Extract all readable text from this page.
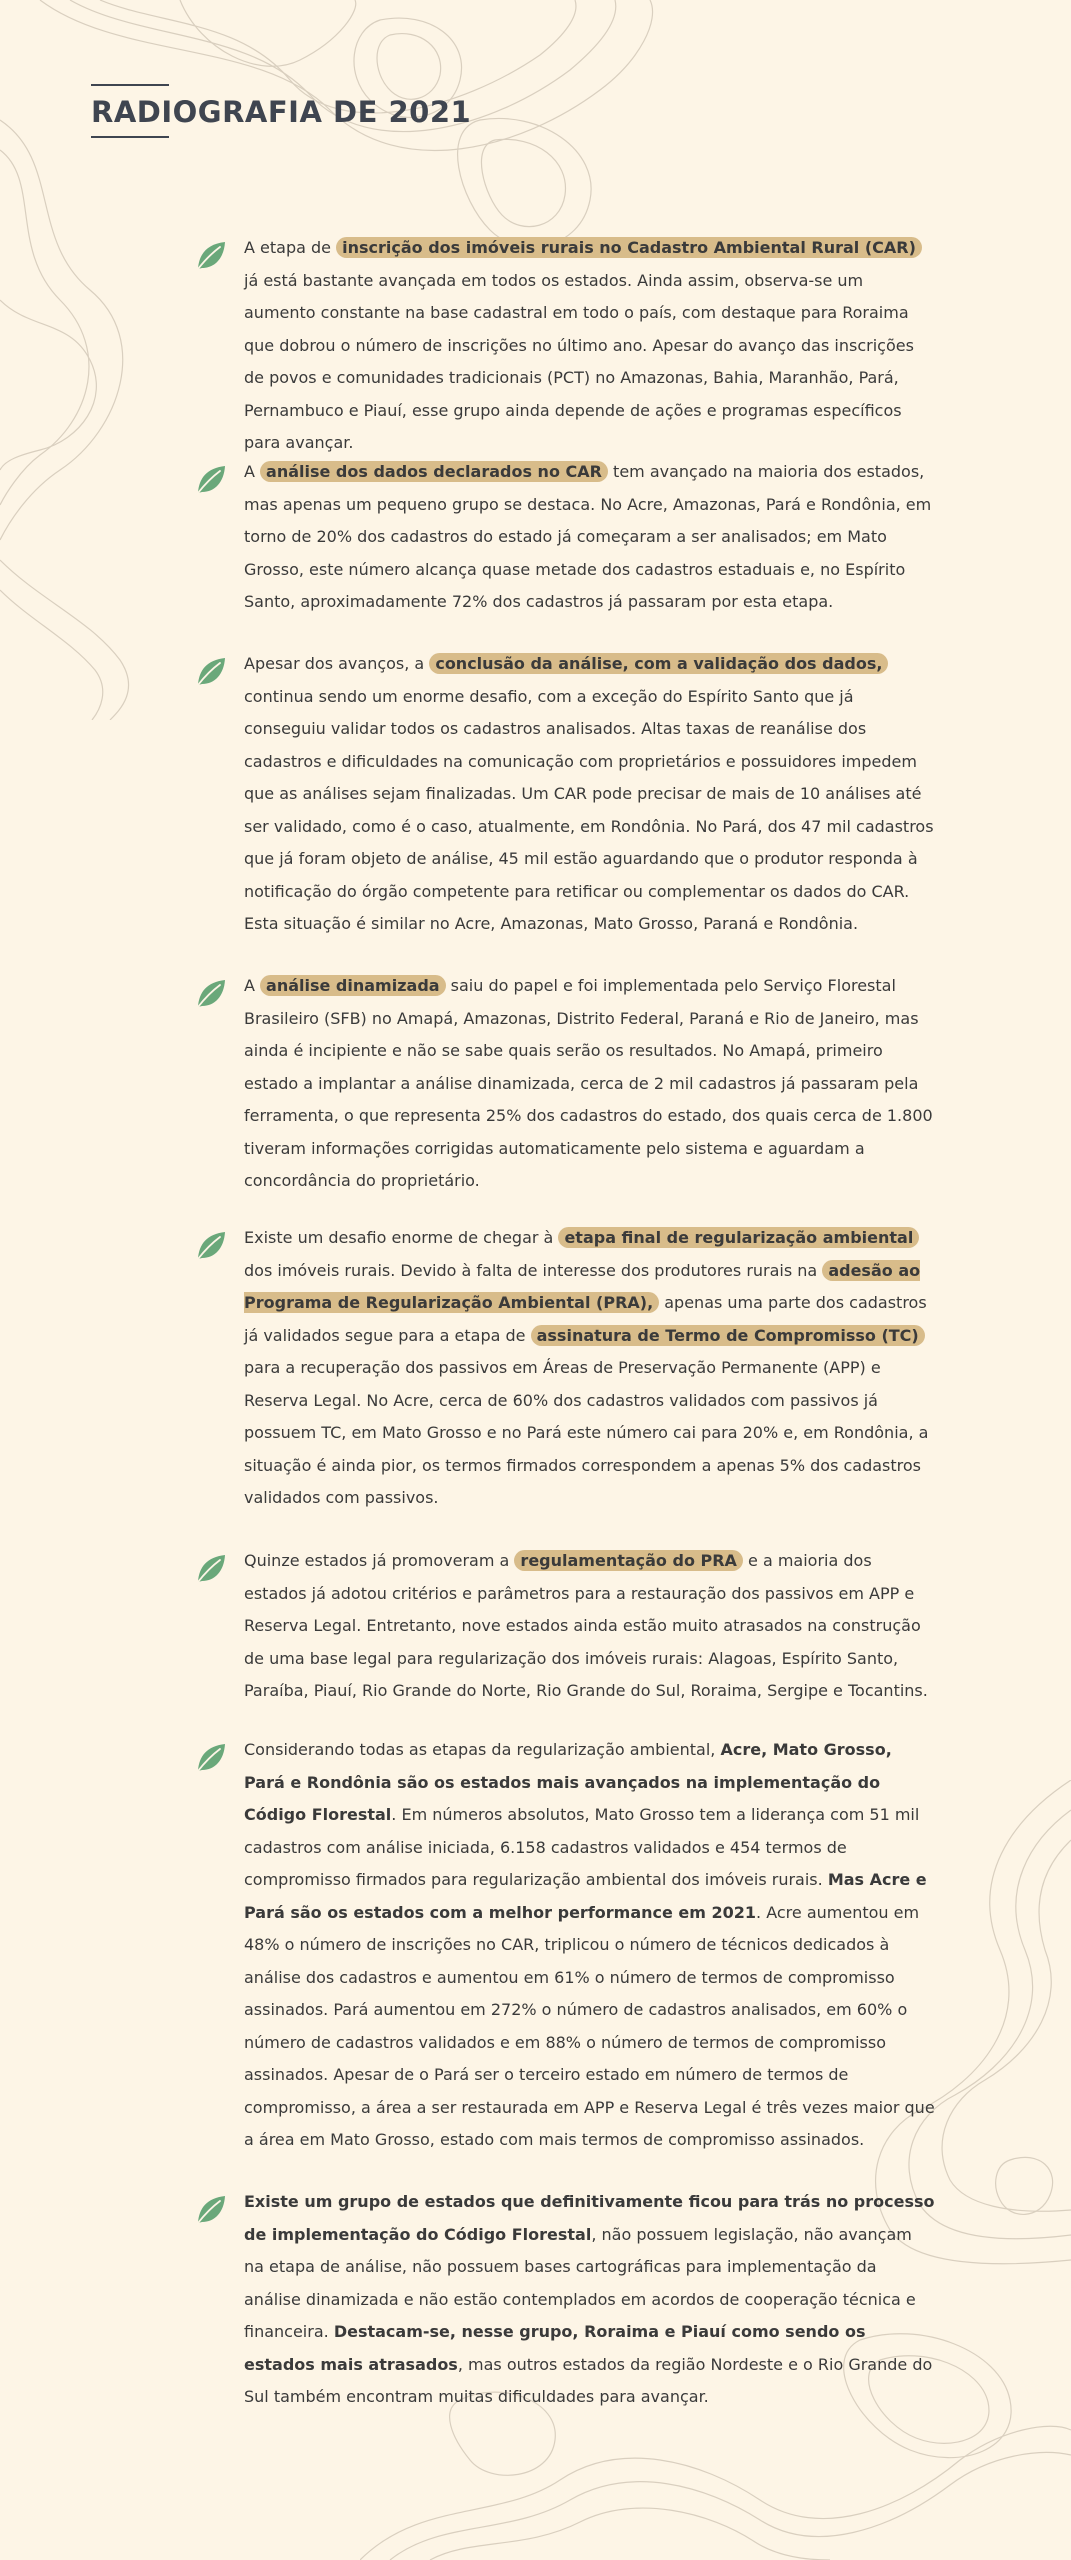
RADIOGRAFIA DE 2021
A etapa de inscrição dos imóveis rurais no Cadastro Ambiental Rural (CAR) já está bastante avançada em todos os estados. Ainda assim, observa-se um aumento constante na base cadastral em todo o país, com destaque para Roraima que dobrou o número de inscrições no último ano. Apesar do avanço das inscrições de povos e comunidades tradicionais (PCT) no Amazonas, Bahia, Maranhão, Pará, Pernambuco e Piauí, esse grupo ainda depende de ações e programas específicos para avançar.
A análise dos dados declarados no CAR tem avançado na maioria dos estados, mas apenas um pequeno grupo se destaca. No Acre, Amazonas, Pará e Rondônia, em torno de 20% dos cadastros do estado já começaram a ser analisados; em Mato Grosso, este número alcança quase metade dos cadastros estaduais e, no Espírito Santo, aproximadamente 72% dos cadastros já passaram por esta etapa.
Apesar dos avanços, a conclusão da análise, com a validação dos dados, continua sendo um enorme desafio, com a exceção do Espírito Santo que já conseguiu validar todos os cadastros analisados. Altas taxas de reanálise dos cadastros e dificuldades na comunicação com proprietários e possuidores impedem que as análises sejam finalizadas. Um CAR pode precisar de mais de 10 análises até ser validado, como é o caso, atualmente, em Rondônia. No Pará, dos 47 mil cadastros que já foram objeto de análise, 45 mil estão aguardando que o produtor responda à notificação do órgão competente para retificar ou complementar os dados do CAR. Esta situação é similar no Acre, Amazonas, Mato Grosso, Paraná e Rondônia.
A análise dinamizada saiu do papel e foi implementada pelo Serviço Florestal Brasileiro (SFB) no Amapá, Amazonas, Distrito Federal, Paraná e Rio de Janeiro, mas ainda é incipiente e não se sabe quais serão os resultados. No Amapá, primeiro estado a implantar a análise dinamizada, cerca de 2 mil cadastros já passaram pela ferramenta, o que representa 25% dos cadastros do estado, dos quais cerca de 1.800 tiveram informações corrigidas automaticamente pelo sistema e aguardam a concordância do proprietário.
Existe um desafio enorme de chegar à etapa final de regularização ambiental dos imóveis rurais. Devido à falta de interesse dos produtores rurais na adesão ao Programa de Regularização Ambiental (PRA), apenas uma parte dos cadastros já validados segue para a etapa de assinatura de Termo de Compromisso (TC) para a recuperação dos passivos em Áreas de Preservação Permanente (APP) e Reserva Legal. No Acre, cerca de 60% dos cadastros validados com passivos já possuem TC, em Mato Grosso e no Pará este número cai para 20% e, em Rondônia, a situação é ainda pior, os termos firmados correspondem a apenas 5% dos cadastros validados com passivos.
Quinze estados já promoveram a regulamentação do PRA e a maioria dos estados já adotou critérios e parâmetros para a restauração dos passivos em APP e Reserva Legal. Entretanto, nove estados ainda estão muito atrasados na construção de uma base legal para regularização dos imóveis rurais: Alagoas, Espírito Santo, Paraíba, Piauí, Rio Grande do Norte, Rio Grande do Sul, Roraima, Sergipe e Tocantins.
Considerando todas as etapas da regularização ambiental, Acre, Mato Grosso, Pará e Rondônia são os estados mais avançados na implementação do Código Florestal. Em números absolutos, Mato Grosso tem a liderança com 51 mil cadastros com análise iniciada, 6.158 cadastros validados e 454 termos de compromisso firmados para regularização ambiental dos imóveis rurais. Mas Acre e Pará são os estados com a melhor performance em 2021. Acre aumentou em 48% o número de inscrições no CAR, triplicou o número de técnicos dedicados à análise dos cadastros e aumentou em 61% o número de termos de compromisso assinados. Pará aumentou em 272% o número de cadastros analisados, em 60% o número de cadastros validados e em 88% o número de termos de compromisso assinados. Apesar de o Pará ser o terceiro estado em número de termos de compromisso, a área a ser restaurada em APP e Reserva Legal é três vezes maior que a área em Mato Grosso, estado com mais termos de compromisso assinados.
Existe um grupo de estados que definitivamente ficou para trás no processo de implementação do Código Florestal, não possuem legislação, não avançam na etapa de análise, não possuem bases cartográficas para implementação da análise dinamizada e não estão contemplados em acordos de cooperação técnica e financeira. Destacam-se, nesse grupo, Roraima e Piauí como sendo os estados mais atrasados, mas outros estados da região Nordeste e o Rio Grande do Sul também encontram muitas dificuldades para avançar.
